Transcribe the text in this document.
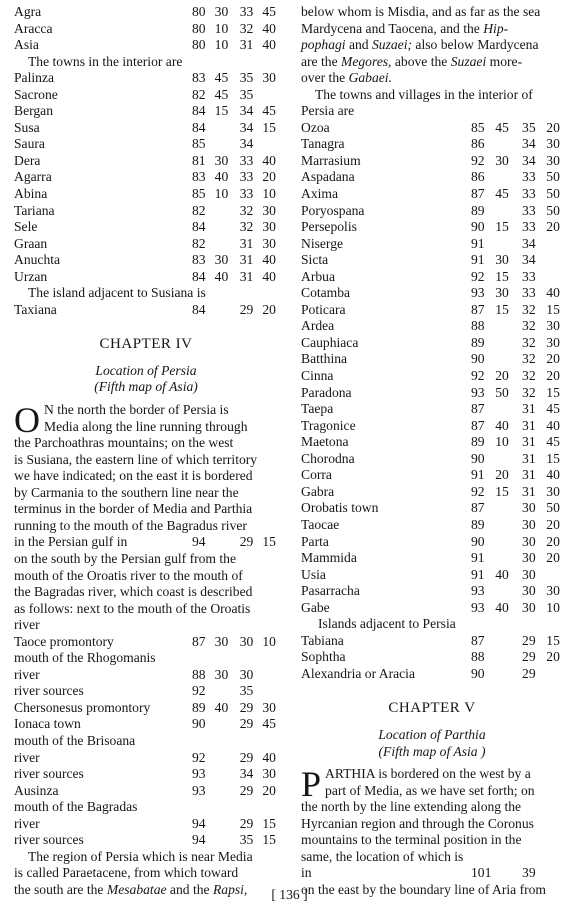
Agra	80 30 33 45
Aracca	80 10 32 40
Asia	80 10 31 40
The towns in the interior are
Palinza	83 45 35 30
Sacrone	82 45 35
Bergan	84 15 34 45
Susa	84	34 15
Saura	85	34
Dera	81 30 33 40
Agarra	83 40 33 20
Abina	85 10 33 10
Tariana	82	32 30
Sele	84	32 30
Graan	82	31 30
Anuchta	83 30 31 40
Urzan	84 40 31 40
The island adjacent to Susiana is
Taxiana	84	29 20
CHAPTER IV
Location of Persia
(Fifth map of Asia)
O N the north the border of Persia is
Media along the line running through
the Parchoathras mountains; on the west
is Susiana, the eastern line of which territory
we have indicated; on the east it is bordered
by Carmania to the southern line near the
terminus in the border of Media and Parthia
running to the mouth of the Bagradus river
in the Persian gulf in	94	29 15
on the south by the Persian gulf from the
mouth of the Oroatis river to the mouth of
the Bagradas river, which coast is described
as follows: next to the mouth of the Oroatis
river
Taoce promontory	87 30 30 10
mouth of the Rhogomanis
river	88 30 30
river sources	92	35
Chersonesus promontory	89 40 29 30
Ionaca town	90	29 45
mouth of the Brisoana
river	92	29 40
river sources	93	34 30
Ausinza	93	29 20
mouth of the Bagradas
river	94	29 15
river sources	94	35 15
The region of Persia which is near Media
is called Paraetacene, from which toward
the south are the Mesabatae and the Rapsi,
below whom is Misdia, and as far as the sea
Mardycena and Taocena, and the Hip-
pophagi and Suzaei; also below Mardycena
are the Megores, above the Suzaei more-
over the Gabaei.
The towns and villages in the interior of
Persia are
Ozoa	85 45 35 20
Tanagra	86	34 30
Marrasium	92 30 34 30
Aspadana	86	33 50
Axima	87 45 33 50
Poryospana	89	33 50
Persepolis	90 15 33 20
Niserge	91	34
Sicta	91 30 34
Arbua	92 15 33
Cotamba	93 30 33 40
Poticara	87 15 32 15
Ardea	88	32 30
Cauphiaca	89	32 30
Batthina	90	32 20
Cinna	92 20 32 20
Paradona	93 50 32 15
Taepa	87	31 45
Tragonice	87 40 31 40
Maetona	89 10 31 45
Chorodna	90	31 15
Corra	91 20 31 40
Gabra	92 15 31 30
Orobatis town	87	30 50
Taocae	89	30 20
Parta	90	30 20
Mammida	91	30 20
Usia	91 40 30
Pasarracha	93	30 30
Gabe	93 40 30 10
Islands adjacent to Persia
Tabiana	87	29 15
Sophtha	88	29 20
Alexandria or Aracia	90	29
CHAPTER V
Location of Parthia
(Fifth map of Asia )
P ARTHIA is bordered on the west by a
part of Media, as we have set forth; on
the north by the line extending along the
Hyrcanian region and through the Coronus
mountains to the terminal position in the
same, the location of which is
in	101 39
on the east by the boundary line of Aria from
[ 136 ]
